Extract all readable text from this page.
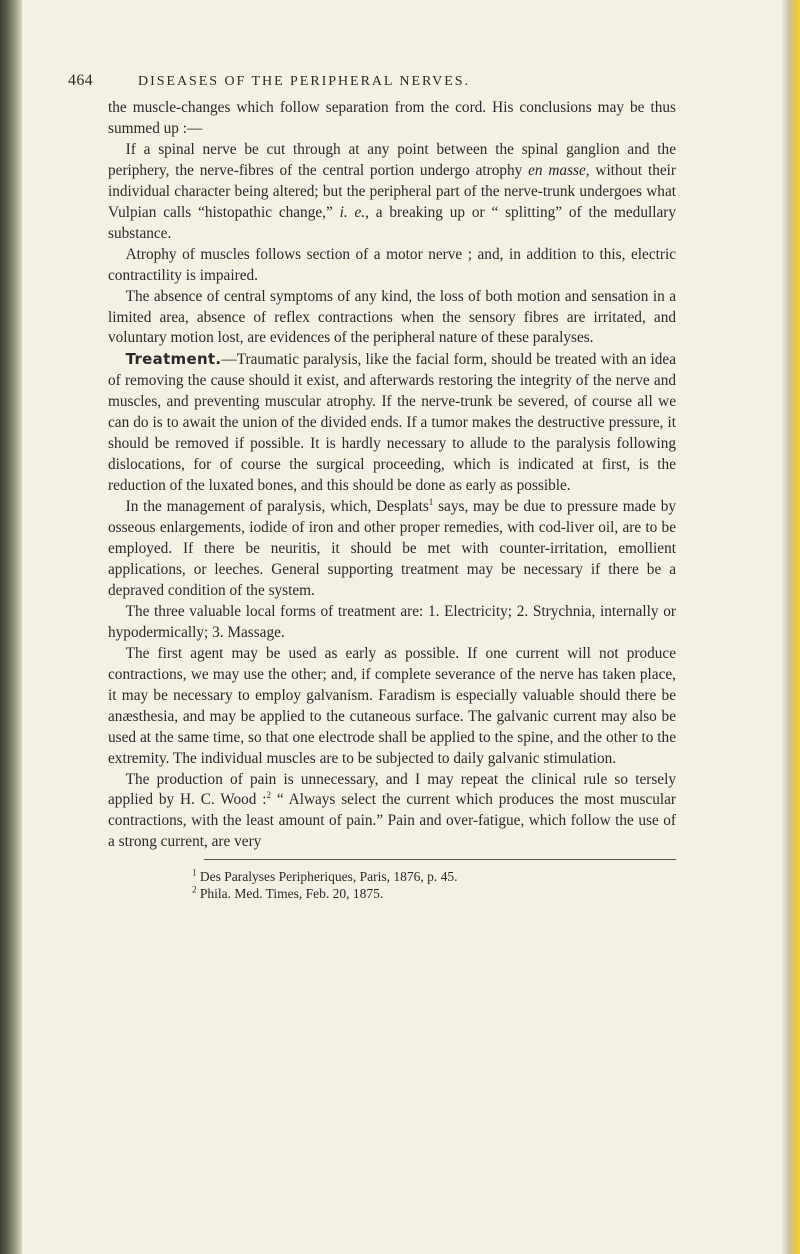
464	DISEASES OF THE PERIPHERAL NERVES.

the muscle-changes which follow separation from the cord. His conclusions may be thus summed up :—

If a spinal nerve be cut through at any point between the spinal ganglion and the periphery, the nerve-fibres of the central portion undergo atrophy en masse, without their individual character being altered; but the peripheral part of the nerve-trunk undergoes what Vulpian calls “histopathic change,” i. e., a breaking up or “ splitting” of the medullary substance.

Atrophy of muscles follows section of a motor nerve ; and, in addition to this, electric contractility is impaired.

The absence of central symptoms of any kind, the loss of both motion and sensation in a limited area, absence of reflex contractions when the sensory fibres are irritated, and voluntary motion lost, are evidences of the peripheral nature of these paralyses.

Treatment.—Traumatic paralysis, like the facial form, should be treated with an idea of removing the cause should it exist, and afterwards restoring the integrity of the nerve and muscles, and preventing muscular atrophy. If the nerve-trunk be severed, of course all we can do is to await the union of the divided ends. If a tumor makes the destructive pressure, it should be removed if possible. It is hardly necessary to allude to the paralysis following dislocations, for of course the surgical proceeding, which is indicated at first, is the reduction of the luxated bones, and this should be done as early as possible.

In the management of paralysis, which, Desplats$^1$ says, may be due to pressure made by osseous enlargements, iodide of iron and other proper remedies, with cod-liver oil, are to be employed. If there be neuritis, it should be met with counter-irritation, emollient applications, or leeches. General supporting treatment may be necessary if there be a depraved condition of the system.

The three valuable local forms of treatment are: 1. Electricity; 2. Strychnia, internally or hypodermically; 3. Massage.

The first agent may be used as early as possible. If one current will not produce contractions, we may use the other; and, if complete severance of the nerve has taken place, it may be necessary to employ galvanism. Faradism is especially valuable should there be anæsthesia, and may be applied to the cutaneous surface. The galvanic current may also be used at the same time, so that one electrode shall be applied to the spine, and the other to the extremity. The individual muscles are to be subjected to daily galvanic stimulation.

The production of pain is unnecessary, and I may repeat the clinical rule so tersely applied by H. C. Wood :$^2$ “ Always select the current which produces the most muscular contractions, with the least amount of pain.” Pain and over-fatigue, which follow the use of a strong current, are very

$^1$ Des Paralyses Peripheriques, Paris, 1876, p. 45.
$^2$ Phila. Med. Times, Feb. 20, 1875.
